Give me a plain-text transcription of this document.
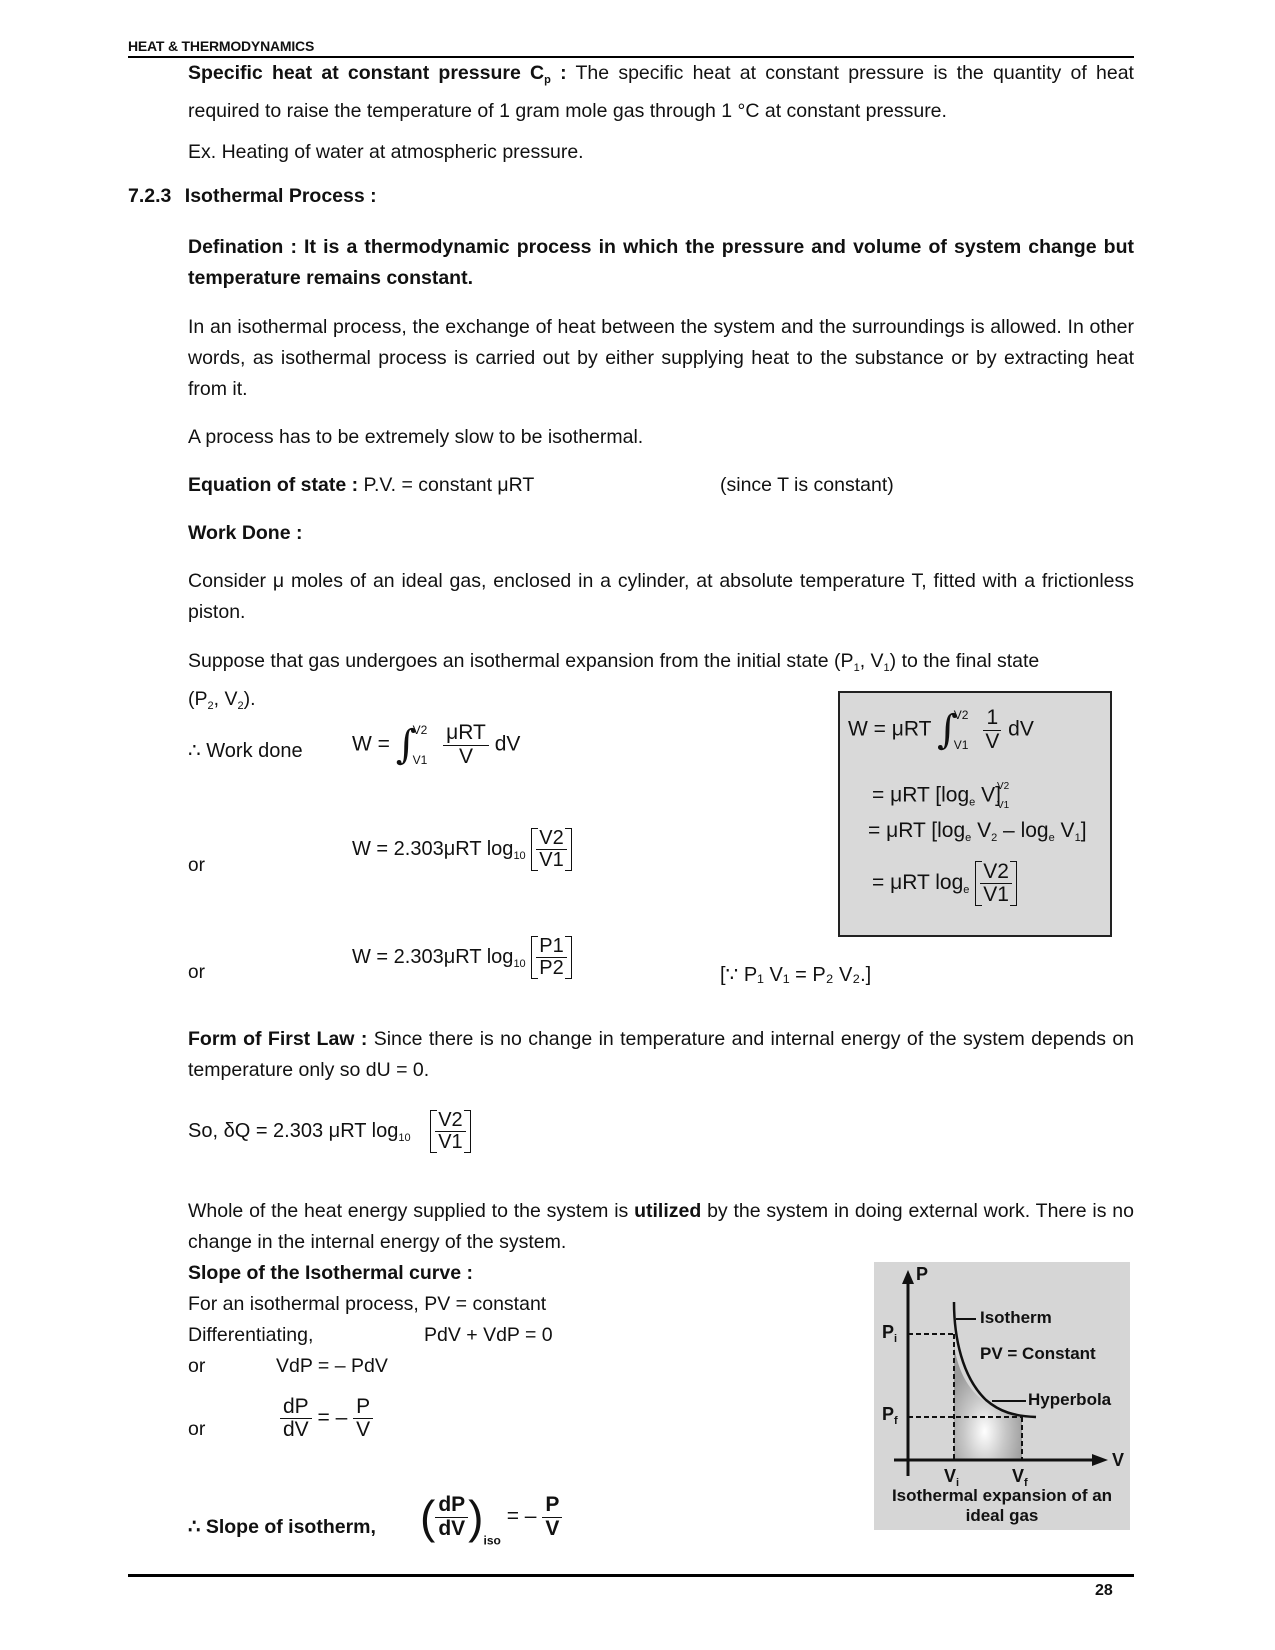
HEAT & THERMODYNAMICS
Specific heat at constant pressure $C_p$ : The specific heat at constant pressure is the quantity of heat required to raise the temperature of 1 gram mole gas through 1 °C at constant pressure.
Ex. Heating of water at atmospheric pressure.
7.2.3 Isothermal Process :
Defination : It is a thermodynamic process in which the pressure and volume of system change but temperature remains constant.
In an isothermal process, the exchange of heat between the system and the surroundings is allowed. In other words, as isothermal process is carried out by either supplying heat to the substance or by extracting heat from it.
A process has to be extremely slow to be isothermal.
Equation of state : P.V. = constant μRT	(since T is constant)
Work Done :
Consider μ moles of an ideal gas, enclosed in a cylinder, at absolute temperature T, fitted with a frictionless piston.
Suppose that gas undergoes an isothermal expansion from the initial state ($P_1$, $V_1$) to the final state
($P_2$, $V_2$).
∴ Work done W = ∫
V2
V1
$\frac{\text{μRT}}{V}$ dV
or
W = 2.303μRT $\log_{10} \frac{V2}{V1}$
or
W = 2.303μRT $\log_{10} \frac{P1}{P2}$	[∵ P₁ V₁ = P₂ V₂.]
W = μRT ∫
V2
V1
$\frac{1}{V}$ dV
= μRT [$\log_e$ V]
V2
V1
= μRT [$\log_e$ $V_2 - \log_e V_1$]
= μRT $\log_e \frac{V2}{V1}$
Form of First Law : Since there is no change in temperature and internal energy of the system depends on temperature only so dU = 0.
So, δQ = 2.303 μRT $\log_{10} \frac{V2}{V1}$
Whole of the heat energy supplied to the system is utilized by the system in doing external work. There is no change in the internal energy of the system.
Slope of the Isothermal curve :
For an isothermal process, PV = constant
Differentiating,	PdV + VdP = 0
or	VdP = – PdV
or	$\frac{dP}{dV}$ = – $\frac{P}{V}$
∴ Slope of isotherm, ( $\frac{dP}{dV} )_{iso}$ = – $\frac{P}{V}$
P
V
$P_i$
$P_f$
$V_i$	$V_f$
Isotherm
PV = Constant
Hyperbola
Isothermal expansion of an
ideal gas
28
